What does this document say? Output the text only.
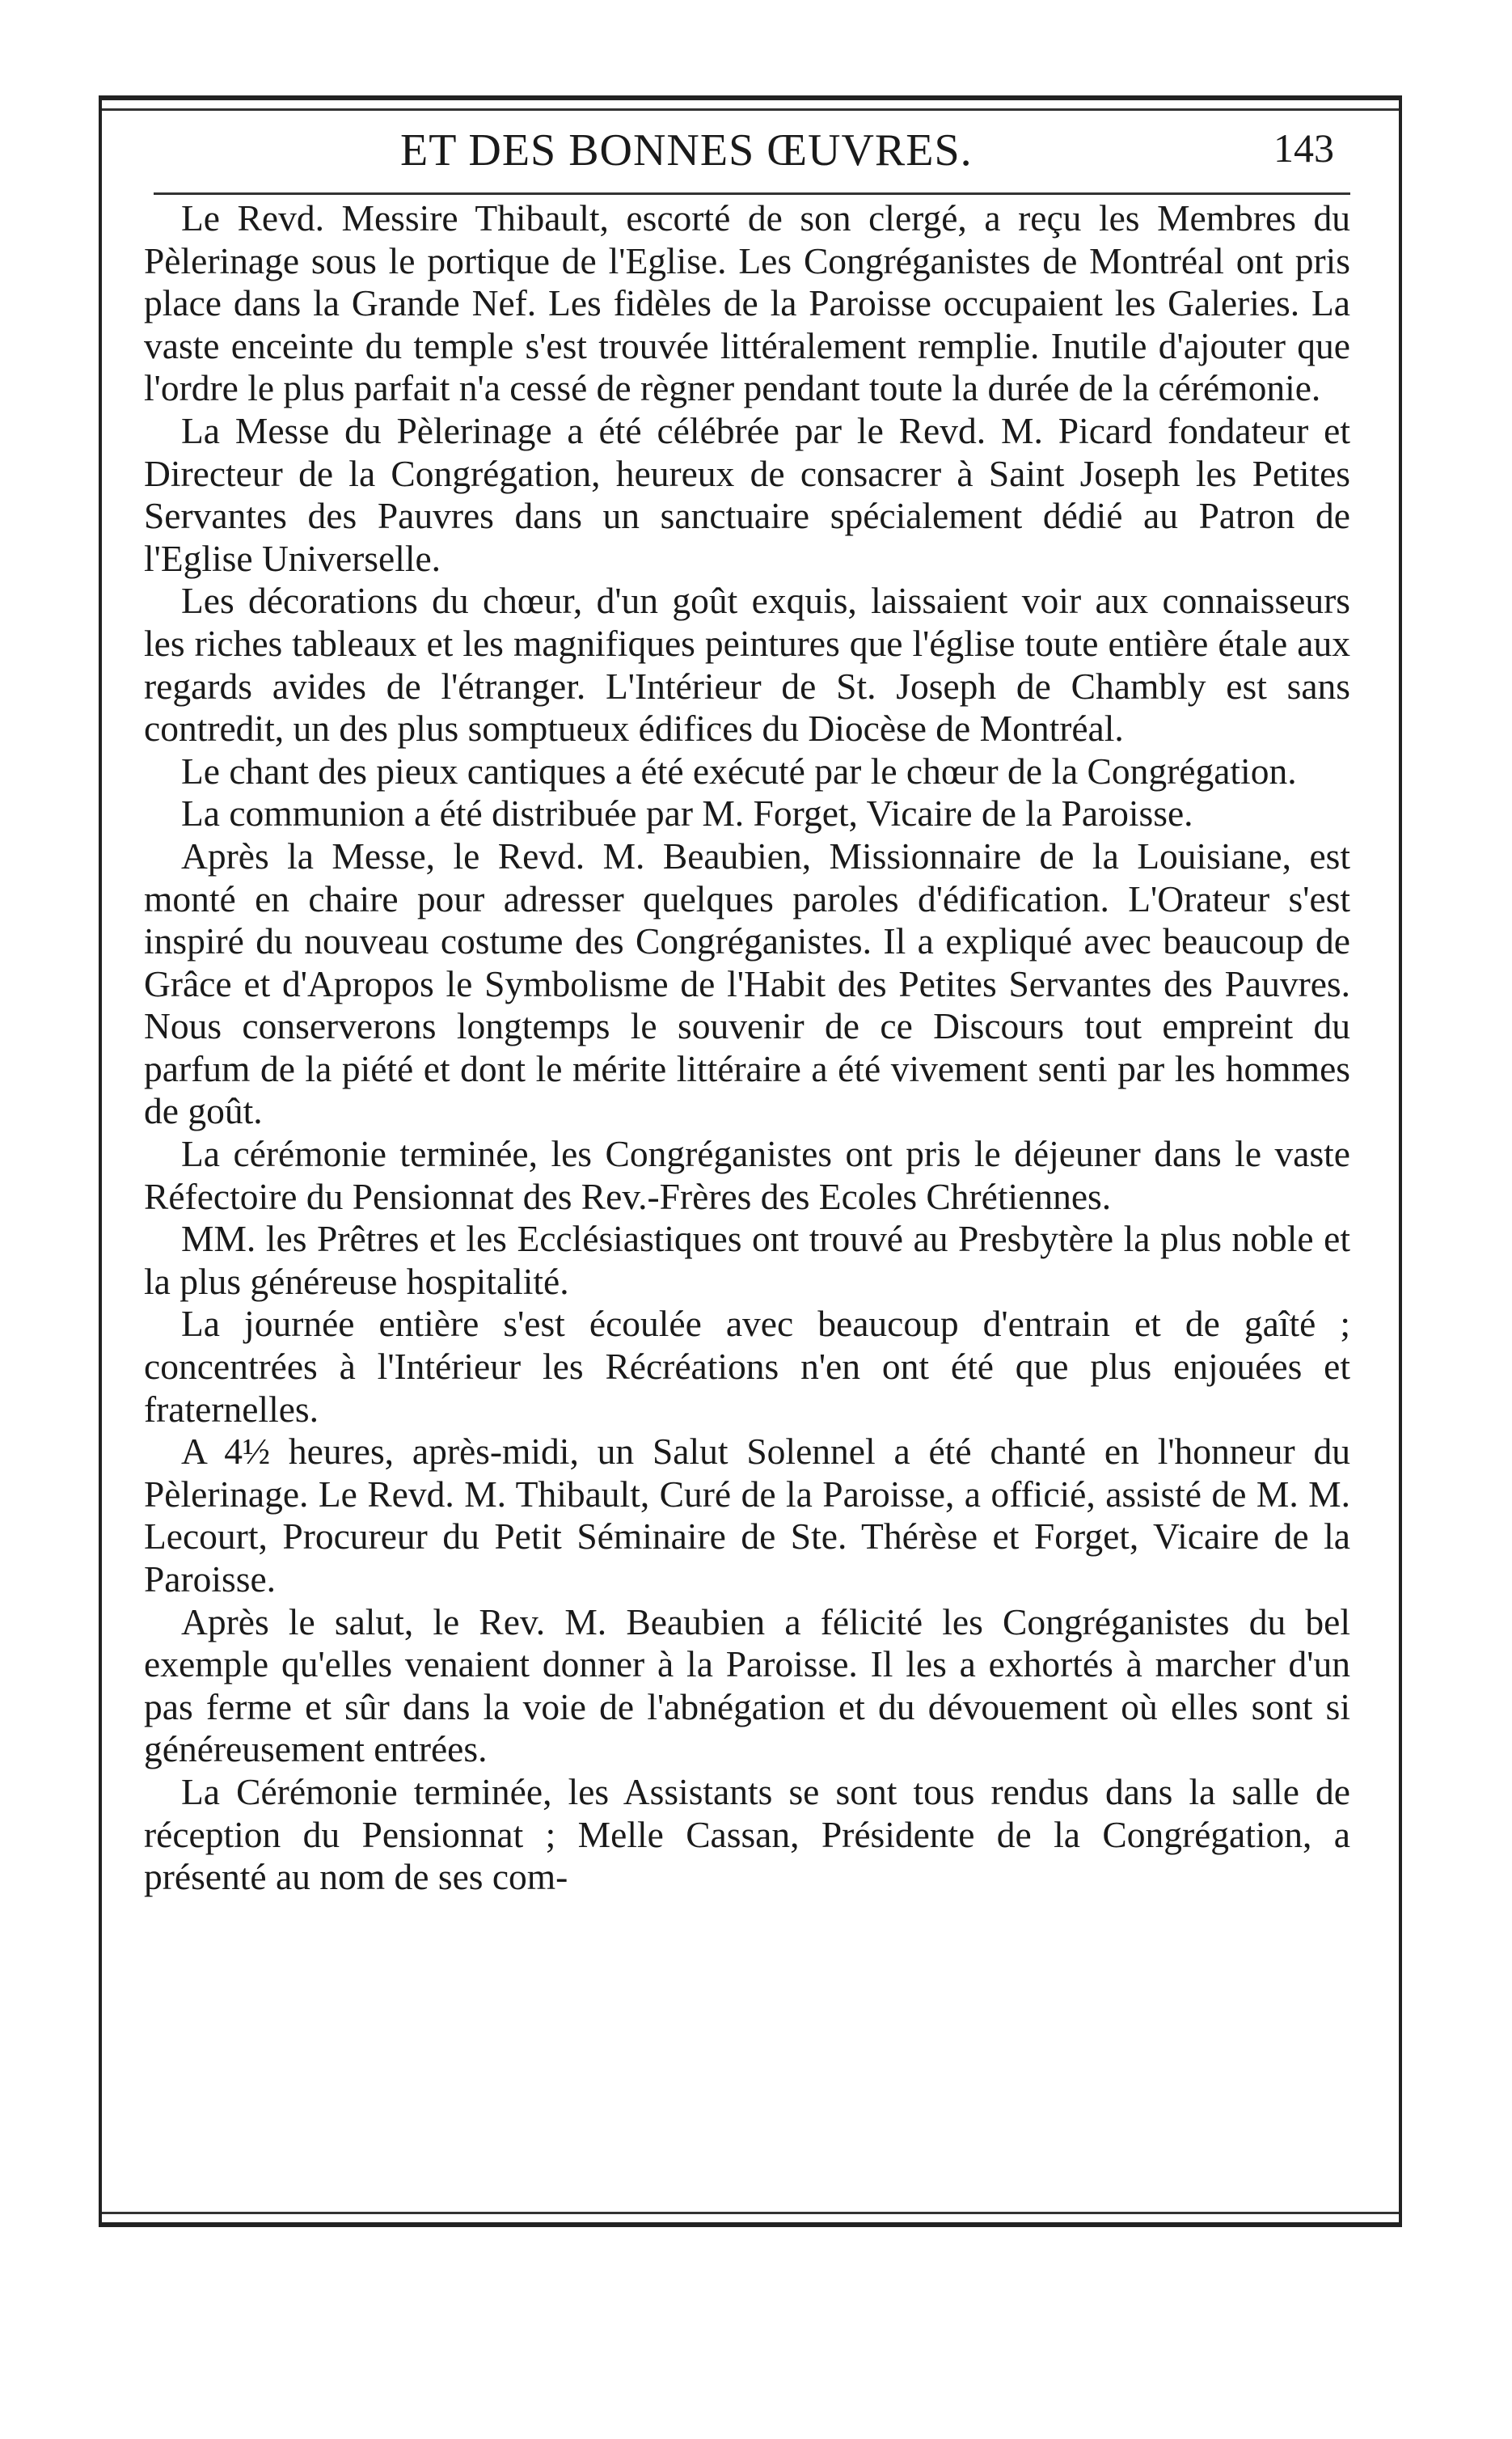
ET DES BONNES ŒUVRES.	143

Le Revd. Messire Thibault, escorté de son clergé, a reçu les Membres du Pèlerinage sous le portique de l'Eglise. Les Congréganistes de Montréal ont pris place dans la Grande Nef. Les fidèles de la Paroisse occupaient les Galeries. La vaste enceinte du temple s'est trouvée littéralement remplie. Inutile d'ajouter que l'ordre le plus parfait n'a cessé de règner pendant toute la durée de la cérémonie.

La Messe du Pèlerinage a été célébrée par le Revd. M. Picard fondateur et Directeur de la Congrégation, heureux de consacrer à Saint Joseph les Petites Servantes des Pauvres dans un sanctuaire spécialement dédié au Patron de l'Eglise Universelle.

Les décorations du chœur, d'un goût exquis, laissaient voir aux connaisseurs les riches tableaux et les magnifiques peintures que l'église toute entière étale aux regards avides de l'étranger. L'Intérieur de St. Joseph de Chambly est sans contredit, un des plus somptueux édifices du Diocèse de Montréal.

Le chant des pieux cantiques a été exécuté par le chœur de la Congrégation.

La communion a été distribuée par M. Forget, Vicaire de la Paroisse.

Après la Messe, le Revd. M. Beaubien, Missionnaire de la Louisiane, est monté en chaire pour adresser quelques paroles d'édification. L'Orateur s'est inspiré du nouveau costume des Congréganistes. Il a expliqué avec beaucoup de Grâce et d'Apropos le Symbolisme de l'Habit des Petites Servantes des Pauvres. Nous conserverons longtemps le souvenir de ce Discours tout empreint du parfum de la piété et dont le mérite littéraire a été vivement senti par les hommes de goût.

La cérémonie terminée, les Congréganistes ont pris le déjeuner dans le vaste Réfectoire du Pensionnat des Rev.-Frères des Ecoles Chrétiennes.

MM. les Prêtres et les Ecclésiastiques ont trouvé au Presbytère la plus noble et la plus généreuse hospitalité.

La journée entière s'est écoulée avec beaucoup d'entrain et de gaîté ; concentrées à l'Intérieur les Récréations n'en ont été que plus enjouées et fraternelles.

A 4½ heures, après-midi, un Salut Solennel a été chanté en l'honneur du Pèlerinage. Le Revd. M. Thibault, Curé de la Paroisse, a officié, assisté de M. M. Lecourt, Procureur du Petit Séminaire de Ste. Thérèse et Forget, Vicaire de la Paroisse.

Après le salut, le Rev. M. Beaubien a félicité les Congréganistes du bel exemple qu'elles venaient donner à la Paroisse. Il les a exhortés à marcher d'un pas ferme et sûr dans la voie de l'abnégation et du dévouement où elles sont si généreusement entrées.

La Cérémonie terminée, les Assistants se sont tous rendus dans la salle de réception du Pensionnat ; Melle Cassan, Présidente de la Congrégation, a présenté au nom de ses com-
